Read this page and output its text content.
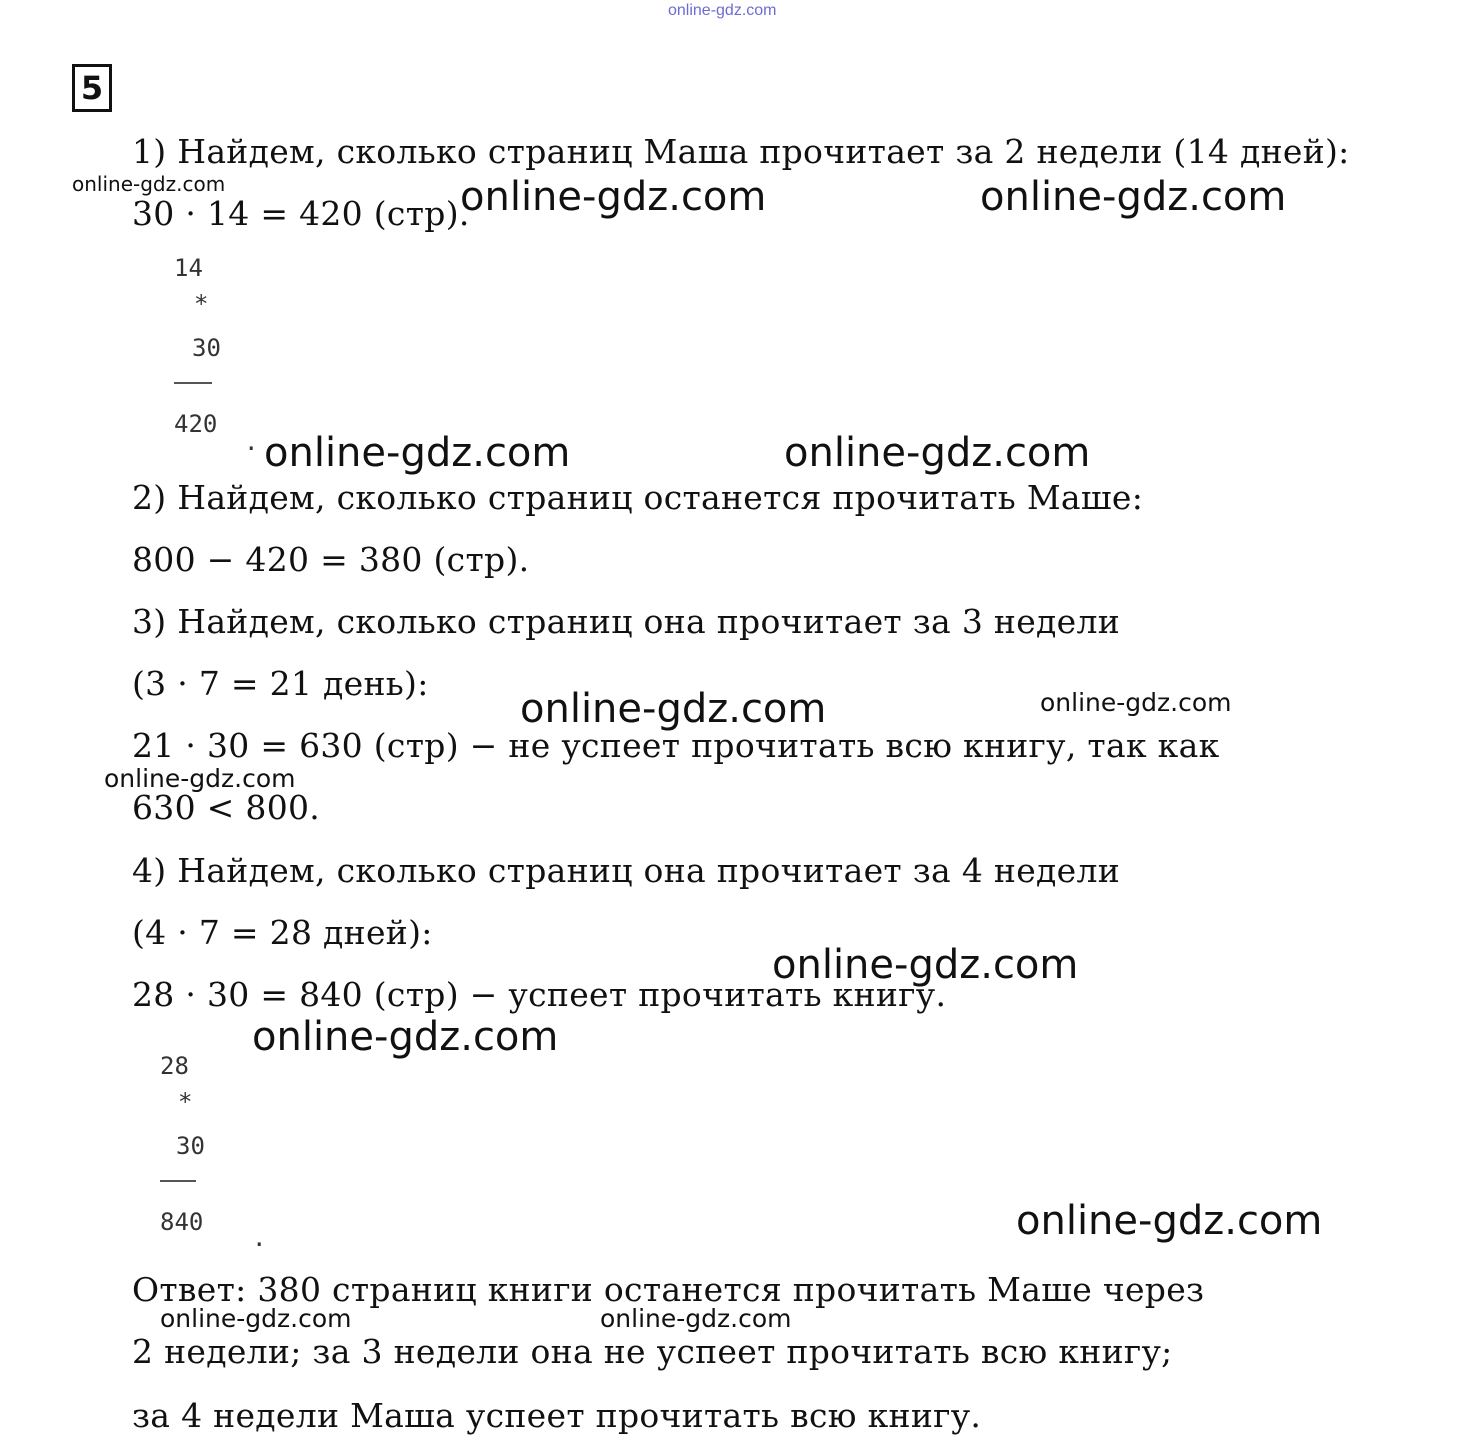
online-gdz.com
5
1) Найдем, сколько страниц Маша прочитает за 2 недели (14 дней):
30 · 14 = 420 (стр).
14
*
30
420
.
2) Найдем, сколько страниц останется прочитать Маше:
800 − 420 = 380 (стр).
3) Найдем, сколько страниц она прочитает за 3 недели
(3 · 7 = 21 день):
21 · 30 = 630 (стр) − не успеет прочитать всю книгу, так как
630 < 800.
4) Найдем, сколько страниц она прочитает за 4 недели
(4 · 7 = 28 дней):
28 · 30 = 840 (стр) − успеет прочитать книгу.
28
*
30
840
.
Ответ: 380 страниц книги останется прочитать Маше через
2 недели; за 3 недели она не успеет прочитать всю книгу;
за 4 недели Маша успеет прочитать всю книгу.
online-gdz.com	online-gdz.com	online-gdz.com
online-gdz.com	online-gdz.com
online-gdz.com	online-gdz.com
online-gdz.com
online-gdz.com
online-gdz.com
online-gdz.com
online-gdz.com	online-gdz.com
